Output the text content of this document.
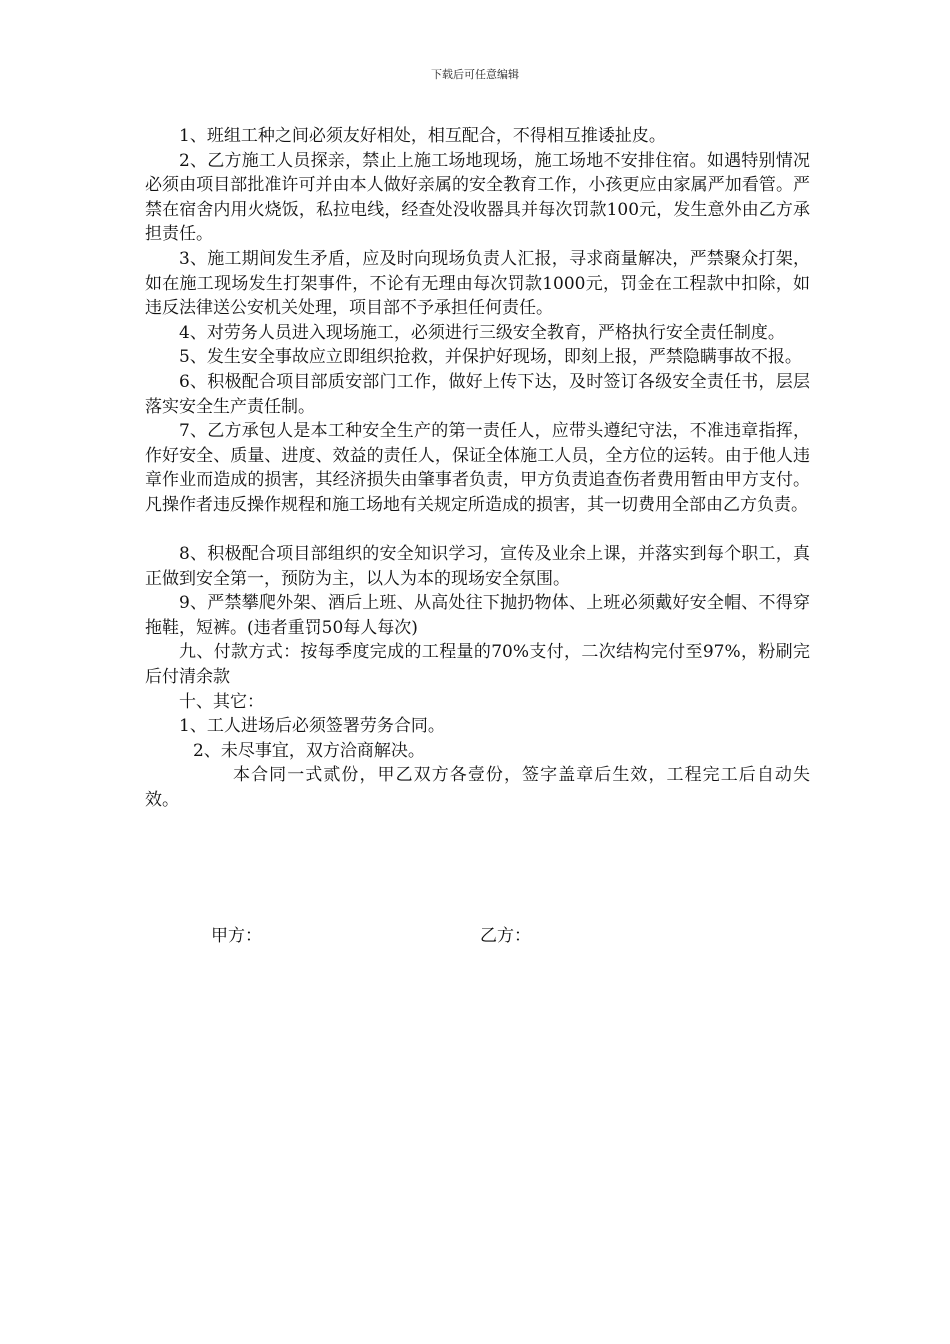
下载后可任意编辑

1、班组工种之间必须友好相处，相互配合，不得相互推诿扯皮。

2、乙方施工人员探亲，禁止上施工场地现场，施工场地不安排住宿。如遇特别情况必须由项目部批准许可并由本人做好亲属的安全教育工作，小孩更应由家属严加看管。严禁在宿舍内用火烧饭，私拉电线，经查处没收器具并每次罚款100元，发生意外由乙方承担责任。

3、施工期间发生矛盾，应及时向现场负责人汇报，寻求商量解决，严禁聚众打架，如在施工现场发生打架事件，不论有无理由每次罚款1000元，罚金在工程款中扣除，如违反法律送公安机关处理，项目部不予承担任何责任。

4、对劳务人员进入现场施工，必须进行三级安全教育，严格执行安全责任制度。

5、发生安全事故应立即组织抢救，并保护好现场，即刻上报，严禁隐瞒事故不报。

6、积极配合项目部质安部门工作，做好上传下达，及时签订各级安全责任书，层层落实安全生产责任制。

7、乙方承包人是本工种安全生产的第一责任人，应带头遵纪守法，不准违章指挥，作好安全、质量、进度、效益的责任人，保证全体施工人员，全方位的运转。由于他人违章作业而造成的损害，其经济损失由肇事者负责，甲方负责追查伤者费用暂由甲方支付。凡操作者违反操作规程和施工场地有关规定所造成的损害，其一切费用全部由乙方负责。

8、积极配合项目部组织的安全知识学习，宣传及业余上课，并落实到每个职工，真正做到安全第一，预防为主，以人为本的现场安全氛围。

9、严禁攀爬外架、酒后上班、从高处往下抛扔物体、上班必须戴好安全帽、不得穿拖鞋，短裤。(违者重罚50每人每次)

九、付款方式：按每季度完成的工程量的70%支付，二次结构完付至97%，粉刷完后付清余款

十、其它：

1、工人进场后必须签署劳务合同。

2、未尽事宜，双方洽商解决。

本合同一式贰份，甲乙双方各壹份，签字盖章后生效，工程完工后自动失效。

甲方：	乙方：
